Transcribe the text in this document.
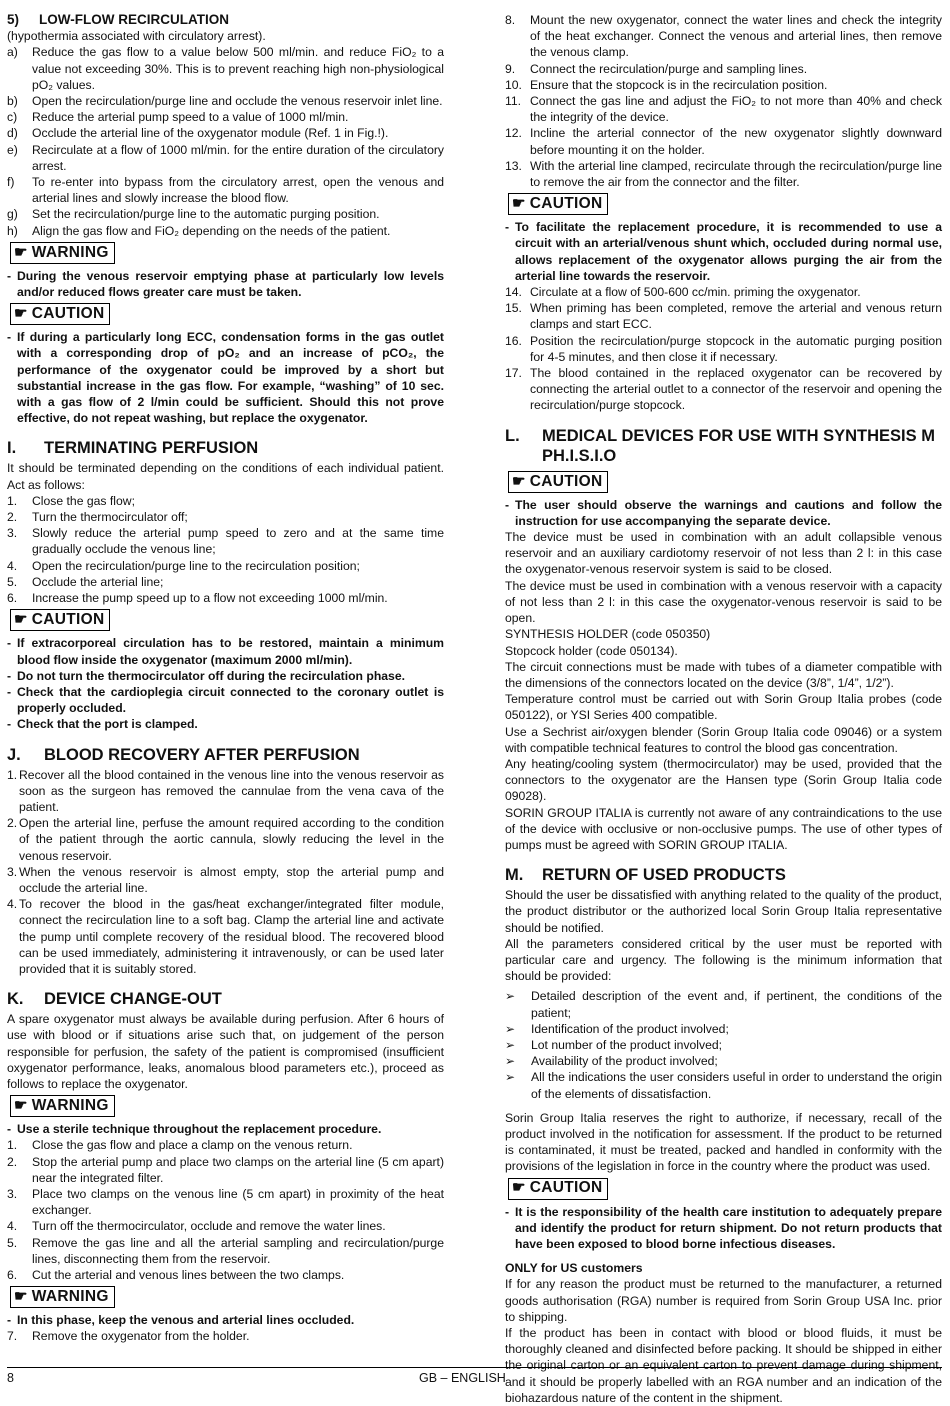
5)	LOW-FLOW RECIRCULATION

(hypothermia associated with circulatory arrest).

a)	Reduce the gas flow to a value below 500 ml/min. and reduce FiO₂ to a value not exceeding 30%. This is to prevent reaching high non-physiological pO₂ values.
b)	Open the recirculation/purge line and occlude the venous reservoir inlet line.
c)	Reduce the arterial pump speed to a value of 1000 ml/min.
d)	Occlude the arterial line of the oxygenator module (Ref. 1 in Fig.!).
e)	Recirculate at a flow of 1000 ml/min. for the entire duration of the circulatory arrest.
f)	To re-enter into bypass from the circulatory arrest, open the venous and arterial lines and slowly increase the blood flow.
g)	Set the recirculation/purge line to the automatic purging position.
h)	Align the gas flow and FiO₂ depending on the needs of the patient.
☛ WARNING
- During the venous reservoir emptying phase at particularly low levels and/or reduced flows greater care must be taken.
☛ CAUTION
- If during a particularly long ECC, condensation forms in the gas outlet with a corresponding drop of pO₂ and an increase of pCO₂, the performance of the oxygenator could be improved by a short but substantial increase in the gas flow. For example, “washing” of 10 sec. with a gas flow of 2 l/min could be sufficient. Should this not prove effective, do not repeat washing, but replace the oxygenator.
I.	TERMINATING PERFUSION

It should be terminated depending on the conditions of each individual patient. Act as follows:

1.	Close the gas flow;
2.	Turn the thermocirculator off;
3.	Slowly reduce the arterial pump speed to zero and at the same time gradually occlude the venous line;
4.	Open the recirculation/purge line to the recirculation position;
5.	Occlude the arterial line;
6.	Increase the pump speed up to a flow not exceeding 1000 ml/min.
☛ CAUTION
- If extracorporeal circulation has to be restored, maintain a minimum blood flow inside the oxygenator (maximum 2000 ml/min).
- Do not turn the thermocirculator off during the recirculation phase.
- Check that the cardioplegia circuit connected to the coronary outlet is properly occluded.
- Check that the port is clamped.
J.	BLOOD RECOVERY AFTER PERFUSION
1. Recover all the blood contained in the venous line into the venous reservoir as soon as the surgeon has removed the cannulae from the vena cava of the patient.
2. Open the arterial line, perfuse the amount required according to the condition of the patient through the aortic cannula, slowly reducing the level in the venous reservoir.
3. When the venous reservoir is almost empty, stop the arterial pump and occlude the arterial line.
4. To recover the blood in the gas/heat exchanger/integrated filter module, connect the recirculation line to a soft bag. Clamp the arterial line and activate the pump until complete recovery of the residual blood. The recovered blood can be used immediately, administering it intravenously, or can be used later provided that it is suitably stored.
K.	DEVICE CHANGE-OUT

A spare oxygenator must always be available during perfusion. After 6 hours of use with blood or if situations arise such that, on judgement of the person responsible for perfusion, the safety of the patient is compromised (insufficient oxygenator performance, leaks, anomalous blood parameters etc.), proceed as follows to replace the oxygenator.

☛ WARNING
- Use a sterile technique throughout the replacement procedure.
1.	Close the gas flow and place a clamp on the venous return.
2.	Stop the arterial pump and place two clamps on the arterial line (5 cm apart) near the integrated filter.
3.	Place two clamps on the venous line (5 cm apart) in proximity of the heat exchanger.
4.	Turn off the thermocirculator, occlude and remove the water lines.
5.	Remove the gas line and all the arterial sampling and recirculation/purge lines, disconnecting them from the reservoir.
6.	Cut the arterial and venous lines between the two clamps.
☛ WARNING
- In this phase, keep the venous and arterial lines occluded.
7.	Remove the oxygenator from the holder.
8.	Mount the new oxygenator, connect the water lines and check the integrity of the heat exchanger. Connect the venous and arterial lines, then remove the venous clamp.
9.	Connect the recirculation/purge and sampling lines.
10. Ensure that the stopcock is in the recirculation position.
11. Connect the gas line and adjust the FiO₂ to not more than 40% and check the integrity of the device.
12. Incline the arterial connector of the new oxygenator slightly downward before mounting it on the holder.
13. With the arterial line clamped, recirculate through the recirculation/purge line to remove the air from the connector and the filter.
☛ CAUTION
- To facilitate the replacement procedure, it is recommended to use a circuit with an arterial/venous shunt which, occluded during normal use, allows replacement of the oxygenator allows purging the air from the arterial line towards the reservoir.
14. Circulate at a flow of 500-600 cc/min. priming the oxygenator.
15. When priming has been completed, remove the arterial and venous return clamps and start ECC.
16. Position the recirculation/purge stopcock in the automatic purging position for 4-5 minutes, and then close it if necessary.
17. The blood contained in the replaced oxygenator can be recovered by connecting the arterial outlet to a connector of the reservoir and opening the recirculation/purge stopcock.
L.	MEDICAL DEVICES FOR USE WITH SYNTHESIS M PH.I.S.I.O
☛ CAUTION
- The user should observe the warnings and cautions and follow the instruction for use accompanying the separate device.

The device must be used in combination with an adult collapsible venous reservoir and an auxiliary cardiotomy reservoir of not less than 2 l: in this case the oxygenator-venous reservoir system is said to be closed.

The device must be used in combination with a venous reservoir with a capacity of not less than 2 l: in this case the oxygenator-venous reservoir is said to be open.

SYNTHESIS HOLDER (code 050350)

Stopcock holder (code 050134).

The circuit connections must be made with tubes of a diameter compatible with the dimensions of the connectors located on the device (3/8”, 1/4”, 1/2”).

Temperature control must be carried out with Sorin Group Italia probes (code 050122), or YSI Series 400 compatible.

Use a Sechrist air/oxygen blender (Sorin Group Italia code 09046) or a system with compatible technical features to control the blood gas concentration.

Any heating/cooling system (thermocirculator) may be used, provided that the connectors to the oxygenator are the Hansen type (Sorin Group Italia code 09028).

SORIN GROUP ITALIA is currently not aware of any contraindications to the use of the device with occlusive or non-occlusive pumps. The use of other types of pumps must be agreed with SORIN GROUP ITALIA.

M.	RETURN OF USED PRODUCTS

Should the user be dissatisfied with anything related to the quality of the product, the product distributor or the authorized local Sorin Group Italia representative should be notified.

All the parameters considered critical by the user must be reported with particular care and urgency. The following is the minimum information that should be provided:

➢	Detailed description of the event and, if pertinent, the conditions of the patient;
➢	Identification of the product involved;
➢	Lot number of the product involved;
➢	Availability of the product involved;
➢	All the indications the user considers useful in order to understand the origin of the elements of dissatisfaction.

Sorin Group Italia reserves the right to authorize, if necessary, recall of the product involved in the notification for assessment. If the product to be returned is contaminated, it must be treated, packed and handled in conformity with the provisions of the legislation in force in the country where the product was used.

☛ CAUTION
- It is the responsibility of the health care institution to adequately prepare and identify the product for return shipment. Do not return products that have been exposed to blood borne infectious diseases.

ONLY for US customers

If for any reason the product must be returned to the manufacturer, a returned goods authorisation (RGA) number is required from Sorin Group USA Inc. prior to shipping.

If the product has been in contact with blood or blood fluids, it must be thoroughly cleaned and disinfected before packing. It should be shipped in either the original carton or an equivalent carton to prevent damage during shipment, and it should be properly labelled with an RGA number and an indication of the biohazardous nature of the content in the shipment.

8	GB – ENGLISH
